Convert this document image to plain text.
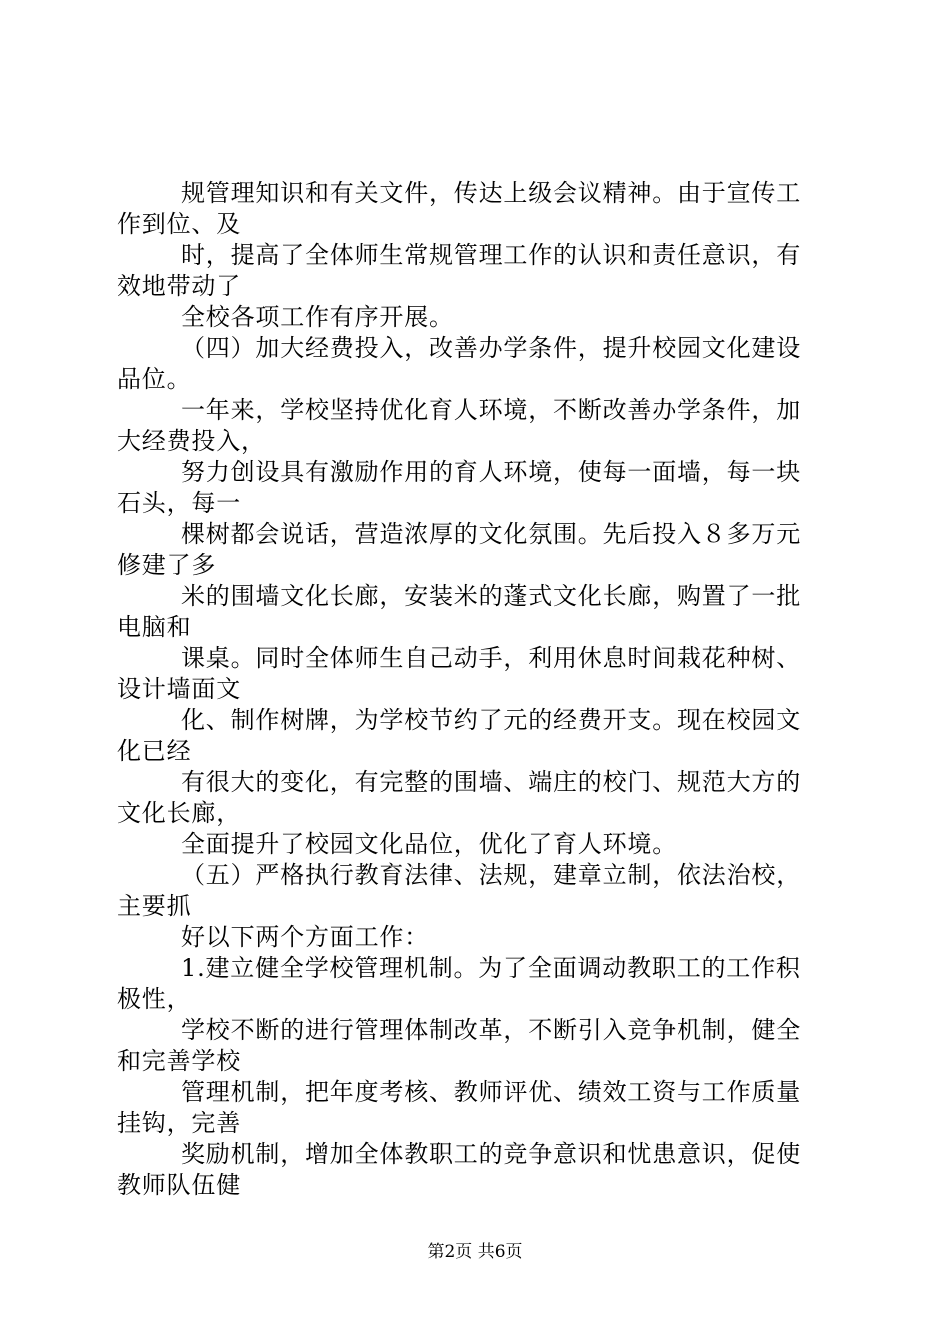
规管理知识和有关文件，传达上级会议精神。由于宣传工
作到位、及
时，提高了全体师生常规管理工作的认识和责任意识，有
效地带动了
全校各项工作有序开展。
（四）加大经费投入，改善办学条件，提升校园文化建设
品位。
一年来，学校坚持优化育人环境，不断改善办学条件，加
大经费投入，
努力创设具有激励作用的育人环境，使每一面墙，每一块
石头，每一
棵树都会说话，营造浓厚的文化氛围。先后投入８多万元
修建了多
米的围墙文化长廊，安装米的蓬式文化长廊，购置了一批
电脑和
课桌。同时全体师生自己动手，利用休息时间栽花种树、
设计墙面文
化、制作树牌，为学校节约了元的经费开支。现在校园文
化已经
有很大的变化，有完整的围墙、端庄的校门、规范大方的
文化长廊，
全面提升了校园文化品位，优化了育人环境。
（五）严格执行教育法律、法规，建章立制，依法治校，
主要抓
好以下两个方面工作：
1.建立健全学校管理机制。为了全面调动教职工的工作积
极性，
学校不断的进行管理体制改革，不断引入竞争机制，健全
和完善学校
管理机制，把年度考核、教师评优、绩效工资与工作质量
挂钩，完善
奖励机制，增加全体教职工的竞争意识和忧患意识，促使
教师队伍健
第2页 共6页
